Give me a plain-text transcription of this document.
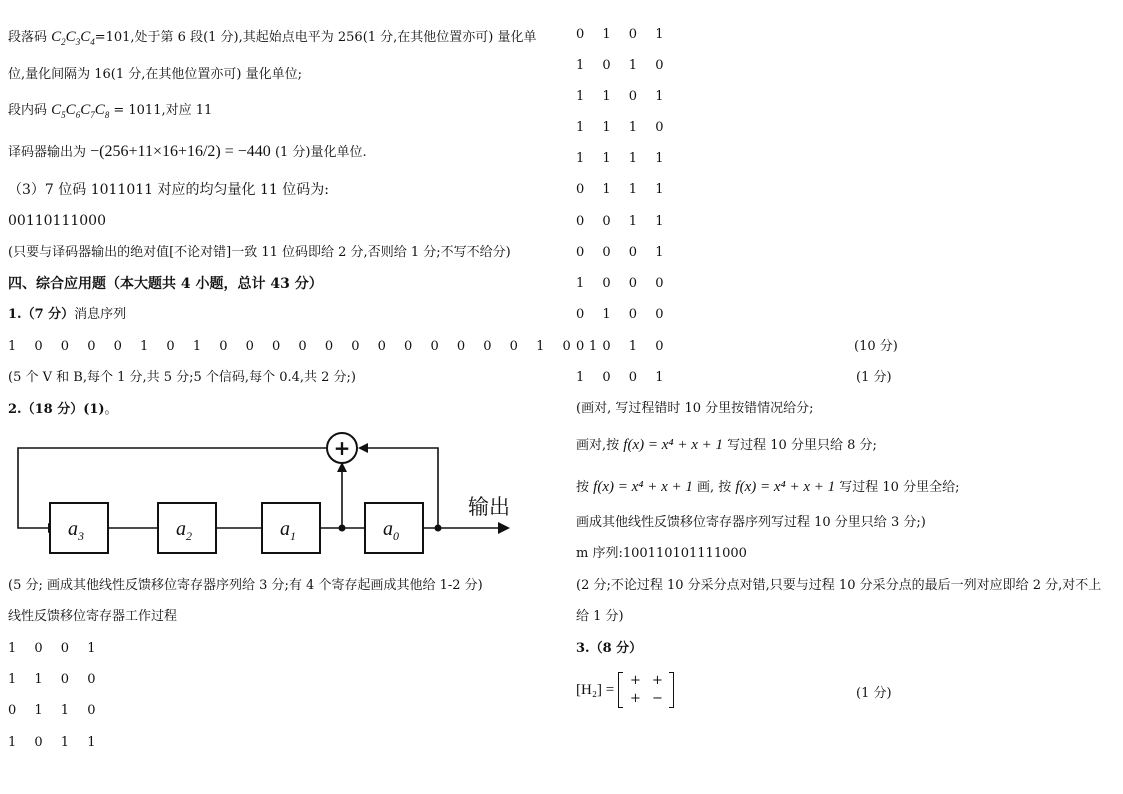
段落码 $C_2C_3C_4=101$,处于第 6 段(1 分),其起始点电平为 256(1 分,在其他位置亦可) 量化单
位,量化间隔为 16(1 分,在其他位置亦可) 量化单位;
段内码 $C_5C_6C_7C_8 = 1011$,对应 11
译码器输出为 −(256+11×16+16/2) = −440 (1 分)量化单位.
（3）7 位码 1011011 对应的均匀量化 11 位码为:
00110111000
(只要与译码器输出的绝对值[不论对错]一致 11 位码即给 2 分,否则给 1 分;不写不给分)
四、综合应用题（本大题共 4 小题，总计 43 分）
1.（7 分）消息序列
1 0 0 0 0 1 0 1 0 0 0 0 0 0 0 0 0 0 0 0 1 0 1
(5 个 V 和 B,每个 1 分,共 5 分;5 个信码,每个 0.4,共 2 分;)
2.（18 分）(1)。
(5 分; 画成其他线性反馈移位寄存器序列给 3 分;有 4 个寄存起画成其他给 1-2 分)
线性反馈移位寄存器工作过程
1 0 0 1
1 1 0 0
0 1 1 0
1 0 1 1
+
$a_3$	$a_2$	$a_1$	$a_0$
输出
0 1 0 1
1 0 1 0
1 1 0 1
1 1 1 0
1 1 1 1
0 1 1 1
0 0 1 1
0 0 0 1
1 0 0 0
0 1 0 0
0 0 1 0	(10 分)
1 0 0 1	(1 分)
(画对, 写过程错时 10 分里按错情况给分;
画对,按 f(x) = x⁴ + x + 1 写过程 10 分里只给 8 分;
按 f(x) = x⁴ + x + 1 画, 按 f(x) = x⁴ + x + 1 写过程 10 分里全给;
画成其他线性反馈移位寄存器序列写过程 10 分里只给 3 分;)
m 序列:100110101111000
(2 分;不论过程 10 分采分点对错,只要与过程 10 分采分点的最后一列对应即给 2 分,对不上
给 1 分)
3.（8 分）
[H₂] =
+ +
+ −	(1 分)
